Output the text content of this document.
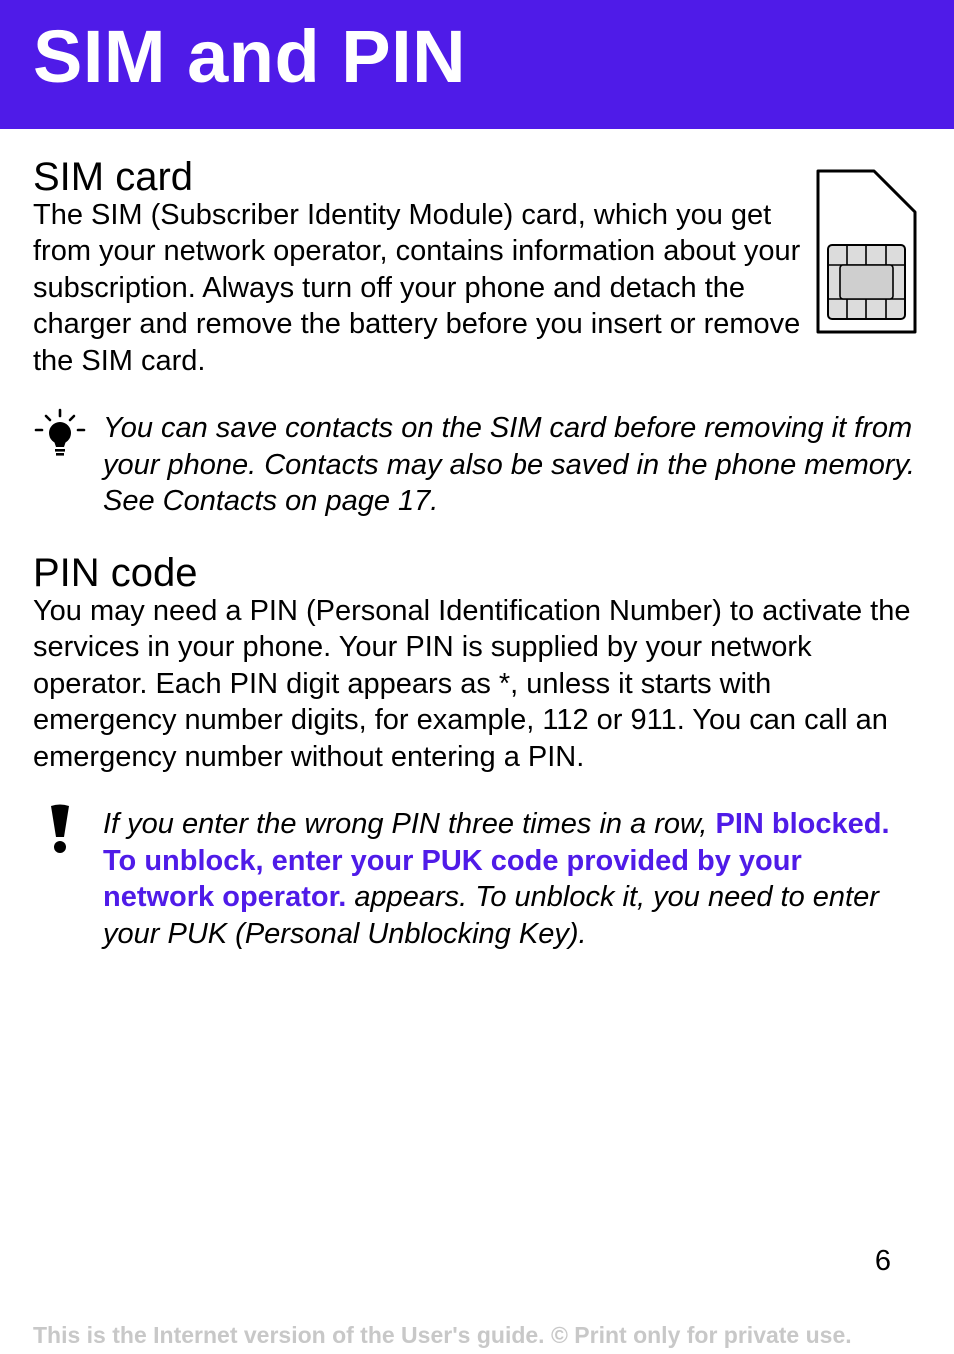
SIM and PIN
SIM card

The SIM (Subscriber Identity Module) card, which you get from your network operator, contains information about your subscription. Always turn off your phone and detach the charger and remove the battery before you insert or remove the SIM card.

You can save contacts on the SIM card before removing it from your phone. Contacts may also be saved in the phone memory. See Contacts on page 17.

PIN code

You may need a PIN (Personal Identification Number) to activate the services in your phone. Your PIN is supplied by your network operator. Each PIN digit appears as *, unless it starts with emergency number digits, for example, 112 or 911. You can call an emergency number without entering a PIN.

If you enter the wrong PIN three times in a row, PIN blocked. To unblock, enter your PUK code provided by your network operator. appears. To unblock it, you need to enter your PUK (Personal Unblocking Key).

6
This is the Internet version of the User's guide. © Print only for private use.
